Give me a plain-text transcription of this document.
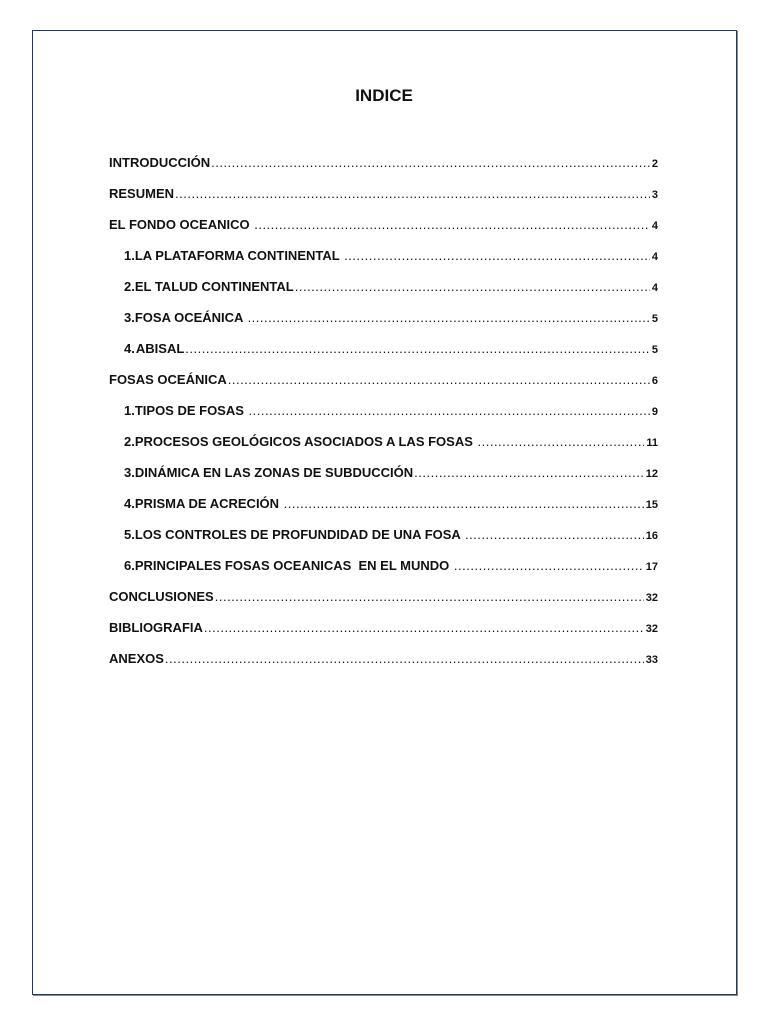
INDICE
INTRODUCCIÓN .....	2
RESUMEN .....	3
EL FONDO OCEANICO .....	4
1. LA PLATAFORMA CONTINENTAL .....	4
2. EL TALUD CONTINENTAL .....	4
3. FOSA OCEÁNICA .....	5
4. ABISAL .....	5
FOSAS OCEÁNICA .....	6
1. TIPOS DE FOSAS .....	9
2. PROCESOS GEOLÓGICOS ASOCIADOS A LAS FOSAS .....	11
3. DINÁMICA EN LAS ZONAS DE SUBDUCCIÓN .....	12
4. PRISMA DE ACRECIÓN .....	15
5. LOS CONTROLES DE PROFUNDIDAD DE UNA FOSA .....	16
6. PRINCIPALES FOSAS OCEANICAS  EN EL MUNDO .....	17
CONCLUSIONES .....	32
BIBLIOGRAFIA .....	32
ANEXOS .....	33
